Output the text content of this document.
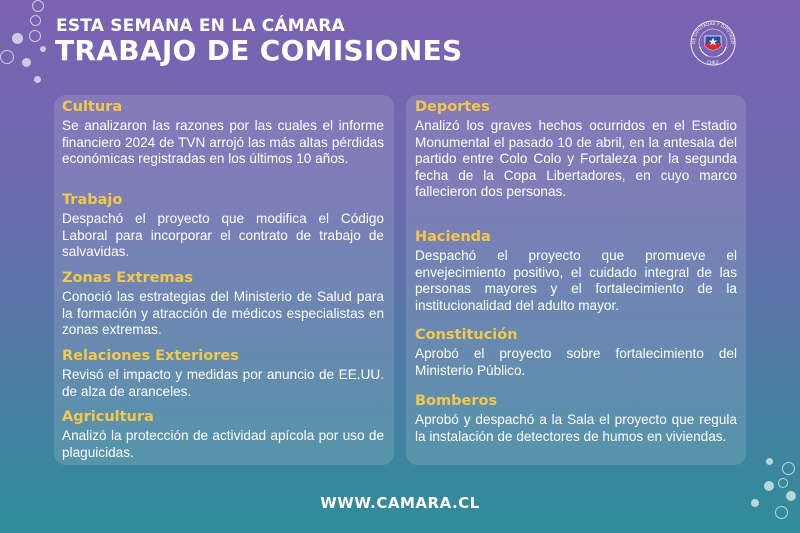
ESTA SEMANA EN LA CÁMARA
TRABAJO DE COMISIONES	DE DIPUTADAS Y DIPUTADO
CHILE
Cultura

Se analizaron las razones por las cuales el informe financiero 2024 de TVN arrojó las más altas pérdidas económicas registradas en los últimos 10 años.

Trabajo

Despachó el proyecto que modifica el Código Laboral para incorporar el contrato de trabajo de salvavidas.

Zonas Extremas

Conoció las estrategias del Ministerio de Salud para la formación y atracción de médicos especialistas en zonas extremas.

Relaciones Exteriores

Revisó el impacto y medidas por anuncio de EE.UU. de alza de aranceles.

Agricultura

Analizó la protección de actividad apícola por uso de plaguicidas.

Deportes

Analizó los graves hechos ocurridos en el Estadio Monumental el pasado 10 de abril, en la antesala del partido entre Colo Colo y Fortaleza por la segunda fecha de la Copa Libertadores, en cuyo marco fallecieron dos personas.

Hacienda

Despachó el proyecto que promueve el envejecimiento positivo, el cuidado integral de las personas mayores y el fortalecimiento de la institucionalidad del adulto mayor.

Constitución

Aprobó el proyecto sobre fortalecimiento del Ministerio Público.

Bomberos

Aprobó y despachó a la Sala el proyecto que regula la instalación de detectores de humos en viviendas.

WWW.CAMARA.CL
